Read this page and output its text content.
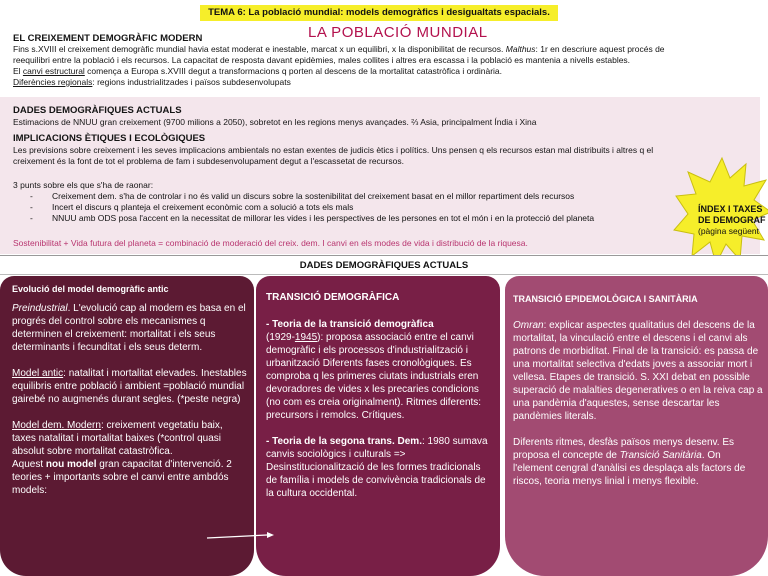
TEMA 6: La població mundial: models demogràfics i desigualtats espacials.
LA POBLACIÓ MUNDIAL
EL CREIXEMENT DEMOGRÀFIC MODERN
Fins s.XVIII el creixement demogràfic mundial havia estat moderat e inestable, marcat x un equilibri, x la disponibilitat de recursos. Malthus: 1r en descriure aquest procés de
reequilibri entre la població i els recursos. La capacitat de resposta davant epidèmies, males collites i altres era escassa i la població es mantenia a nivells estables.
El canvi estructural comença a Europa s.XVIII degut a transformacions q porten al descens de la mortalitat catastròfica i ordinària.
Diferències regionals: regions industrialitzades i països subdesenvolupats
DADES DEMOGRÀFIQUES ACTUALS
Estimacions de NNUU gran creixement (9700 milions a 2050), sobretot en les regions menys avançades. ⅔ Asia, principalment Índia i Xina
IMPLICACIONS ÈTIQUES I ECOLÒGIQUES
Les previsions sobre creixement i les seves implicacions ambientals no estan exentes de judicis ètics i polítics. Uns pensen q els recursos estan mal distribuits i altres q el
creixement és la font de tot el problema de fam i subdesenvolupament degut a l'escassetat de recursos.
3 punts sobre els que s'ha de raonar:
- Creixement dem. s'ha de controlar i no és valid un discurs sobre la sostenibilitat del creixement basat en el millor repartiment dels recursos
- Incert el discurs q planteja el creixement econòmic com a solució a tots els mals
- NNUU amb ODS posa l'accent en la necessitat de millorar les vides i les perspectives de les persones en tot el món i en la protecció del planeta
Sostenibilitat + Vida futura del planeta = combinació de moderació del creix. dem. I canvi en els modes de vida i distribució de la riquesa.
ÍNDEX I TAXES
DE DEMOGRAF
(pàgina següent
DADES DEMOGRÀFIQUES ACTUALS
Evolució del model demogràfic antic
Preindustrial. L'evolució cap al modern es basa en el progrés del control sobre els mecanismes q determinen el creixement: mortalitat i els seus determinants i fecunditat i els seus determ.
Model antic: natalitat i mortalitat elevades. Inestables equilibris entre població i ambient =població mundial gairebé no augmenés durant segles. (*peste negra)
Model dem. Modern: creixement vegetatiu baix, taxes natalitat i mortalitat baixes (*control quasi absolut sobre mortalitat catastròfica.
Aquest nou model gran capacitat d'intervenció. 2 teories + importants sobre el canvi entre ambdós models:
TRANSICIÓ DEMOGRÀFICA
- Teoria de la transició demogràfica
(1929-1945): proposa associació entre el canvi demogràfic i els processos d'industrialització i urbanització Diferents fases cronològiques. Es comproba q les primeres ciutats industrials eren devoradores de vides x les precaries condicions (no com es creia originalment). Ritmes diferents: precursors i remolcs. Crítiques.
- Teoria de la segona trans. Dem.: 1980 sumava canvis sociològics i culturals => Desinstitucionalització de les formes tradicionals de família i models de convivència tradicionals de la cultura occidental.
TRANSICIÓ EPIDEMOLÒGICA I SANITÀRIA
Omran: explicar aspectes qualitatius del descens de la mortalitat, la vinculació entre el descens i el canvi als patrons de morbiditat. Final de la transició: es passa de una mortalitat selectiva d'edats joves a associar mort i vellesa. Etapes de transició. S. XXI debat en possible superació de malalties degeneratives o en la reiva cap a una pandèmia d'aquestes, sense descartar les pandèmies literals.
Diferents ritmes, desfàs països menys desenv. Es proposa el concepte de Transició Sanitària. On l'element cengral d'anàlisi es desplaça als factors de riscos, teoria menys linial i menys flexible.
